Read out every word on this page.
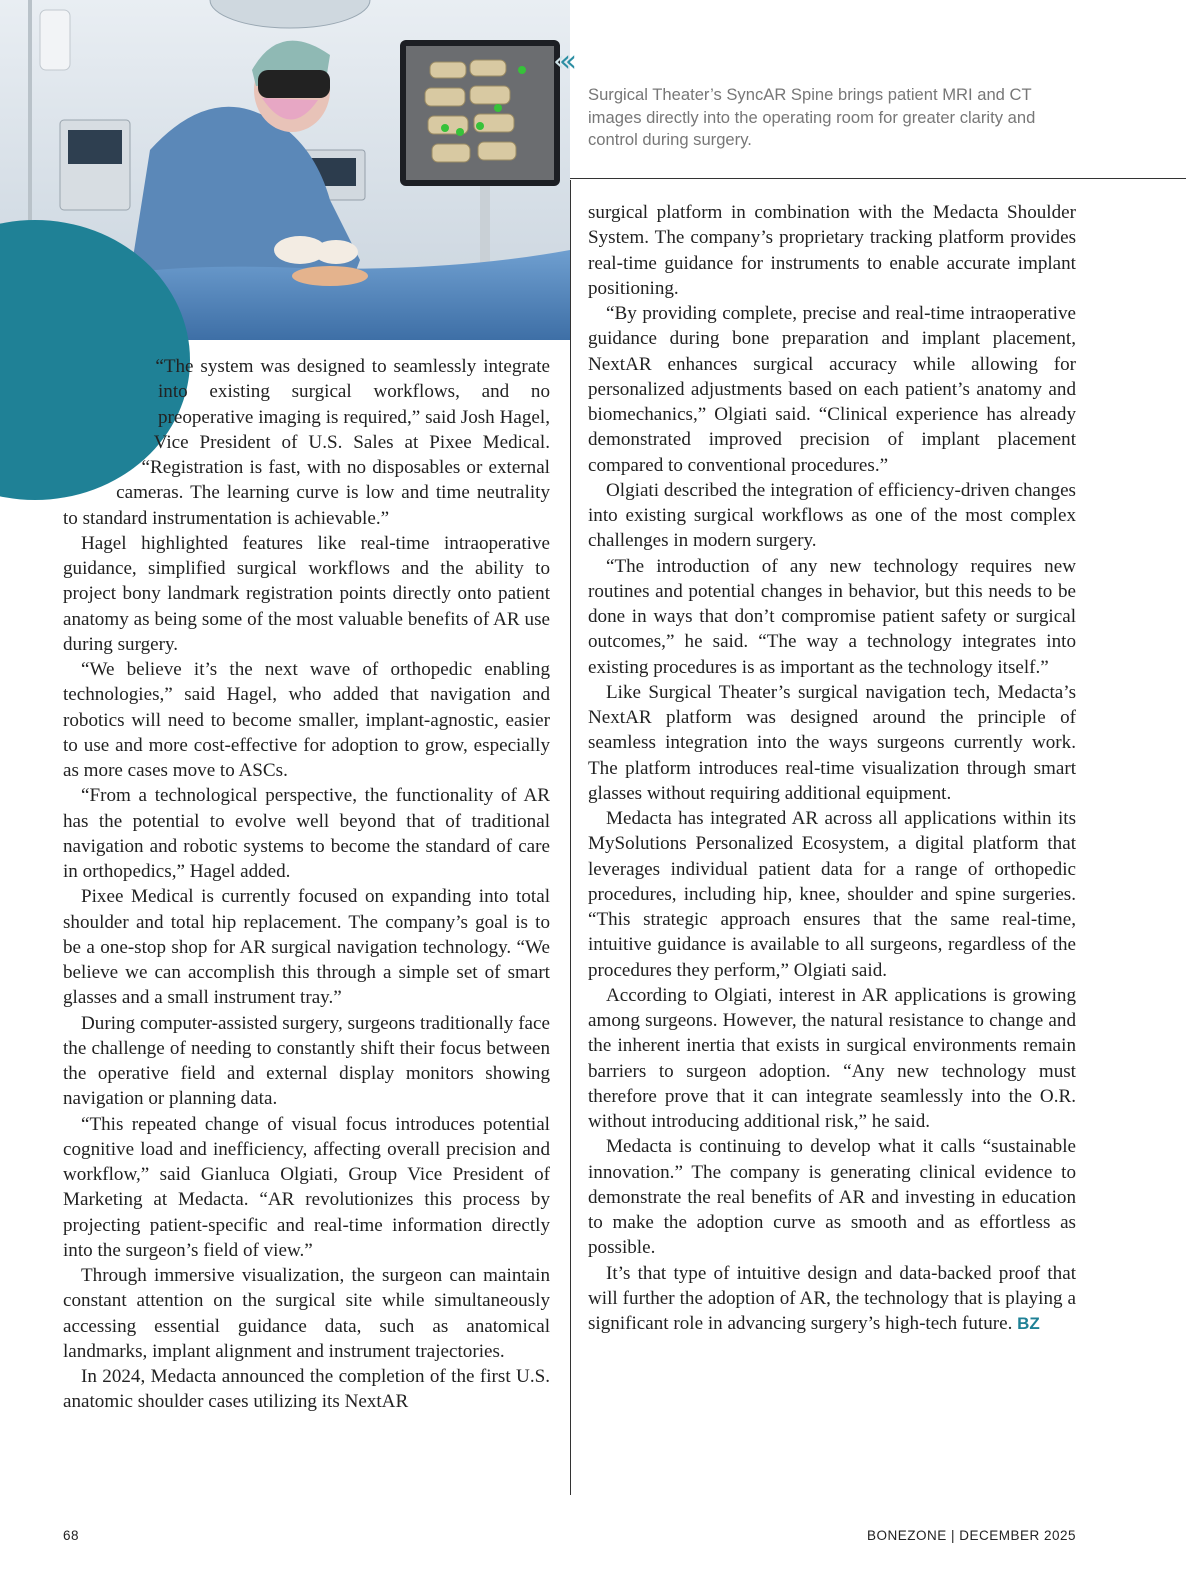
‹‹‹
Surgical Theater’s SyncAR Spine brings patient MRI and CT images directly into the operating room for greater clarity and control during surgery.

“The system was designed to seamlessly integrate into existing surgical workflows, and no preoperative imaging is required,” said Josh Hagel, Vice President of U.S. Sales at Pixee Medical. “Registration is fast, with no disposables or external cameras. The learning curve is low and time neutrality to standard instrumentation is achievable.”

Hagel highlighted features like real-time intraoperative guidance, simplified surgical workflows and the ability to project bony landmark registration points directly onto patient anatomy as being some of the most valuable benefits of AR use during surgery.

“We believe it’s the next wave of orthopedic enabling technologies,” said Hagel, who added that navigation and robotics will need to become smaller, implant-agnostic, easier to use and more cost-effective for adoption to grow, especially as more cases move to ASCs.

“From a technological perspective, the functionality of AR has the potential to evolve well beyond that of traditional navigation and robotic systems to become the standard of care in orthopedics,” Hagel added.

Pixee Medical is currently focused on expanding into total shoulder and total hip replacement. The company’s goal is to be a one-stop shop for AR surgical navigation technology. “We believe we can accomplish this through a simple set of smart glasses and a small instrument tray.”

During computer-assisted surgery, surgeons traditionally face the challenge of needing to constantly shift their focus between the operative field and external display monitors showing navigation or planning data.

“This repeated change of visual focus introduces potential cognitive load and inefficiency, affecting overall precision and workflow,” said Gianluca Olgiati, Group Vice President of Marketing at Medacta. “AR revolutionizes this process by projecting patient-specific and real-time information directly into the surgeon’s field of view.”

Through immersive visualization, the surgeon can maintain constant attention on the surgical site while simultaneously accessing essential guidance data, such as anatomical landmarks, implant alignment and instrument trajectories.

In 2024, Medacta announced the completion of the first U.S. anatomic shoulder cases utilizing its NextAR

surgical platform in combination with the Medacta Shoulder System. The company’s proprietary tracking platform provides real-time guidance for instruments to enable accurate implant positioning.

“By providing complete, precise and real-time intraoperative guidance during bone preparation and implant placement, NextAR enhances surgical accuracy while allowing for personalized adjustments based on each patient’s anatomy and biomechanics,” Olgiati said. “Clinical experience has already demonstrated improved precision of implant placement compared to conventional procedures.”

Olgiati described the integration of efficiency-driven changes into existing surgical workflows as one of the most complex challenges in modern surgery.

“The introduction of any new technology requires new routines and potential changes in behavior, but this needs to be done in ways that don’t compromise patient safety or surgical outcomes,” he said. “The way a technology integrates into existing procedures is as important as the technology itself.”

Like Surgical Theater’s surgical navigation tech, Medacta’s NextAR platform was designed around the principle of seamless integration into the ways surgeons currently work. The platform introduces real-time visualization through smart glasses without requiring additional equipment.

Medacta has integrated AR across all applications within its MySolutions Personalized Ecosystem, a digital platform that leverages individual patient data for a range of orthopedic procedures, including hip, knee, shoulder and spine surgeries. “This strategic approach ensures that the same real-time, intuitive guidance is available to all surgeons, regardless of the procedures they perform,” Olgiati said.

According to Olgiati, interest in AR applications is growing among surgeons. However, the natural resistance to change and the inherent inertia that exists in surgical environments remain barriers to surgeon adoption. “Any new technology must therefore prove that it can integrate seamlessly into the O.R. without introducing additional risk,” he said.

Medacta is continuing to develop what it calls “sustainable innovation.” The company is generating clinical evidence to demonstrate the real benefits of AR and investing in education to make the adoption curve as smooth and as effortless as possible.

It’s that type of intuitive design and data-backed proof that will further the adoption of AR, the technology that is playing a significant role in advancing surgery’s high-tech future. BZ

68	BONEZONE | DECEMBER 2025
